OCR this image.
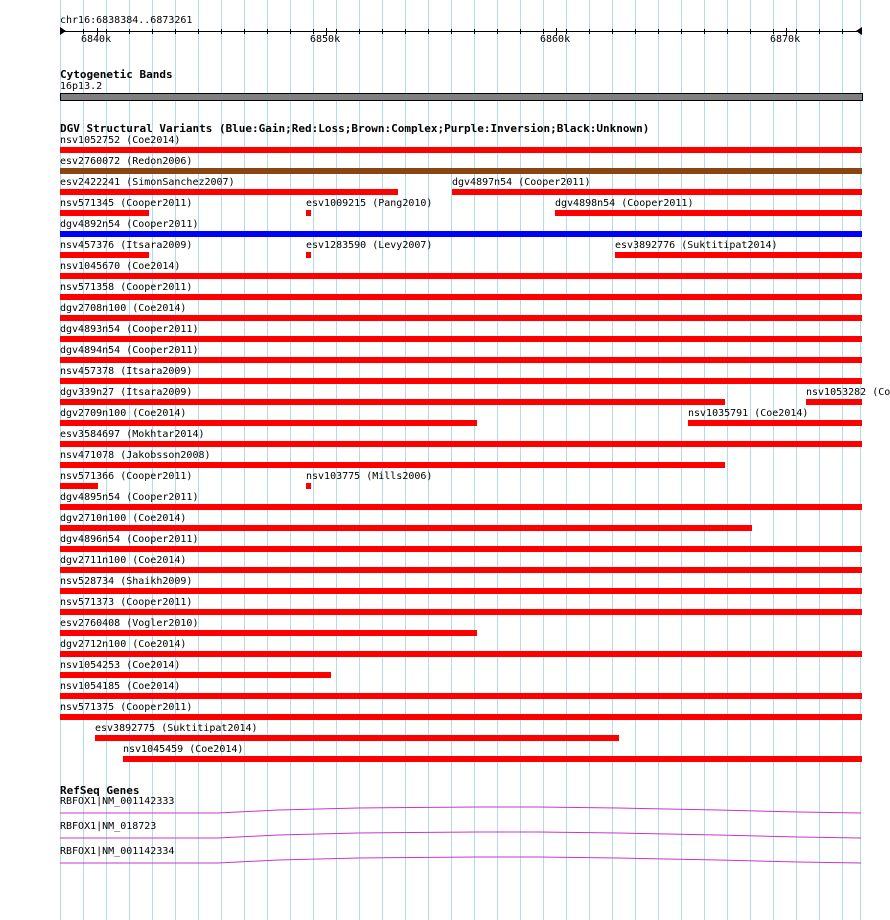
chr16:6838384..6873261
6840k	6850k	6860k	6870k
Cytogenetic Bands
16p13.2
DGV Structural Variants (Blue:Gain;Red:Loss;Brown:Complex;Purple:Inversion;Black:Unknown)
nsv1052752 (Coe2014)
esv2760072 (Redon2006)
esv2422241 (SimonSanchez2007)	dgv4897n54 (Cooper2011)
nsv571345 (Cooper2011)	esv1009215 (Pang2010)	dgv4898n54 (Cooper2011)
dgv4892n54 (Cooper2011)
nsv457376 (Itsara2009)	esv1283590 (Levy2007)	esv3892776 (Suktitipat2014)
nsv1045670 (Coe2014)
nsv571358 (Cooper2011)
dgv2708n100 (Coe2014)
dgv4893n54 (Cooper2011)
dgv4894n54 (Cooper2011)
nsv457378 (Itsara2009)
dgv339n27 (Itsara2009)	nsv1053282 (Co
dgv2709n100 (Coe2014)	nsv1035791 (Coe2014)
esv3584697 (Mokhtar2014)
nsv471078 (Jakobsson2008)
nsv571366 (Cooper2011)	nsv103775 (Mills2006)
dgv4895n54 (Cooper2011)
dgv2710n100 (Coe2014)
dgv4896n54 (Cooper2011)
dgv2711n100 (Coe2014)
nsv528734 (Shaikh2009)
nsv571373 (Cooper2011)
esv2760408 (Vogler2010)
dgv2712n100 (Coe2014)
nsv1054253 (Coe2014)
nsv1054185 (Coe2014)
nsv571375 (Cooper2011)
esv3892775 (Suktitipat2014)
nsv1045459 (Coe2014)
RefSeq Genes
RBFOX1|NM_001142333
RBFOX1|NM_018723
RBFOX1|NM_001142334
